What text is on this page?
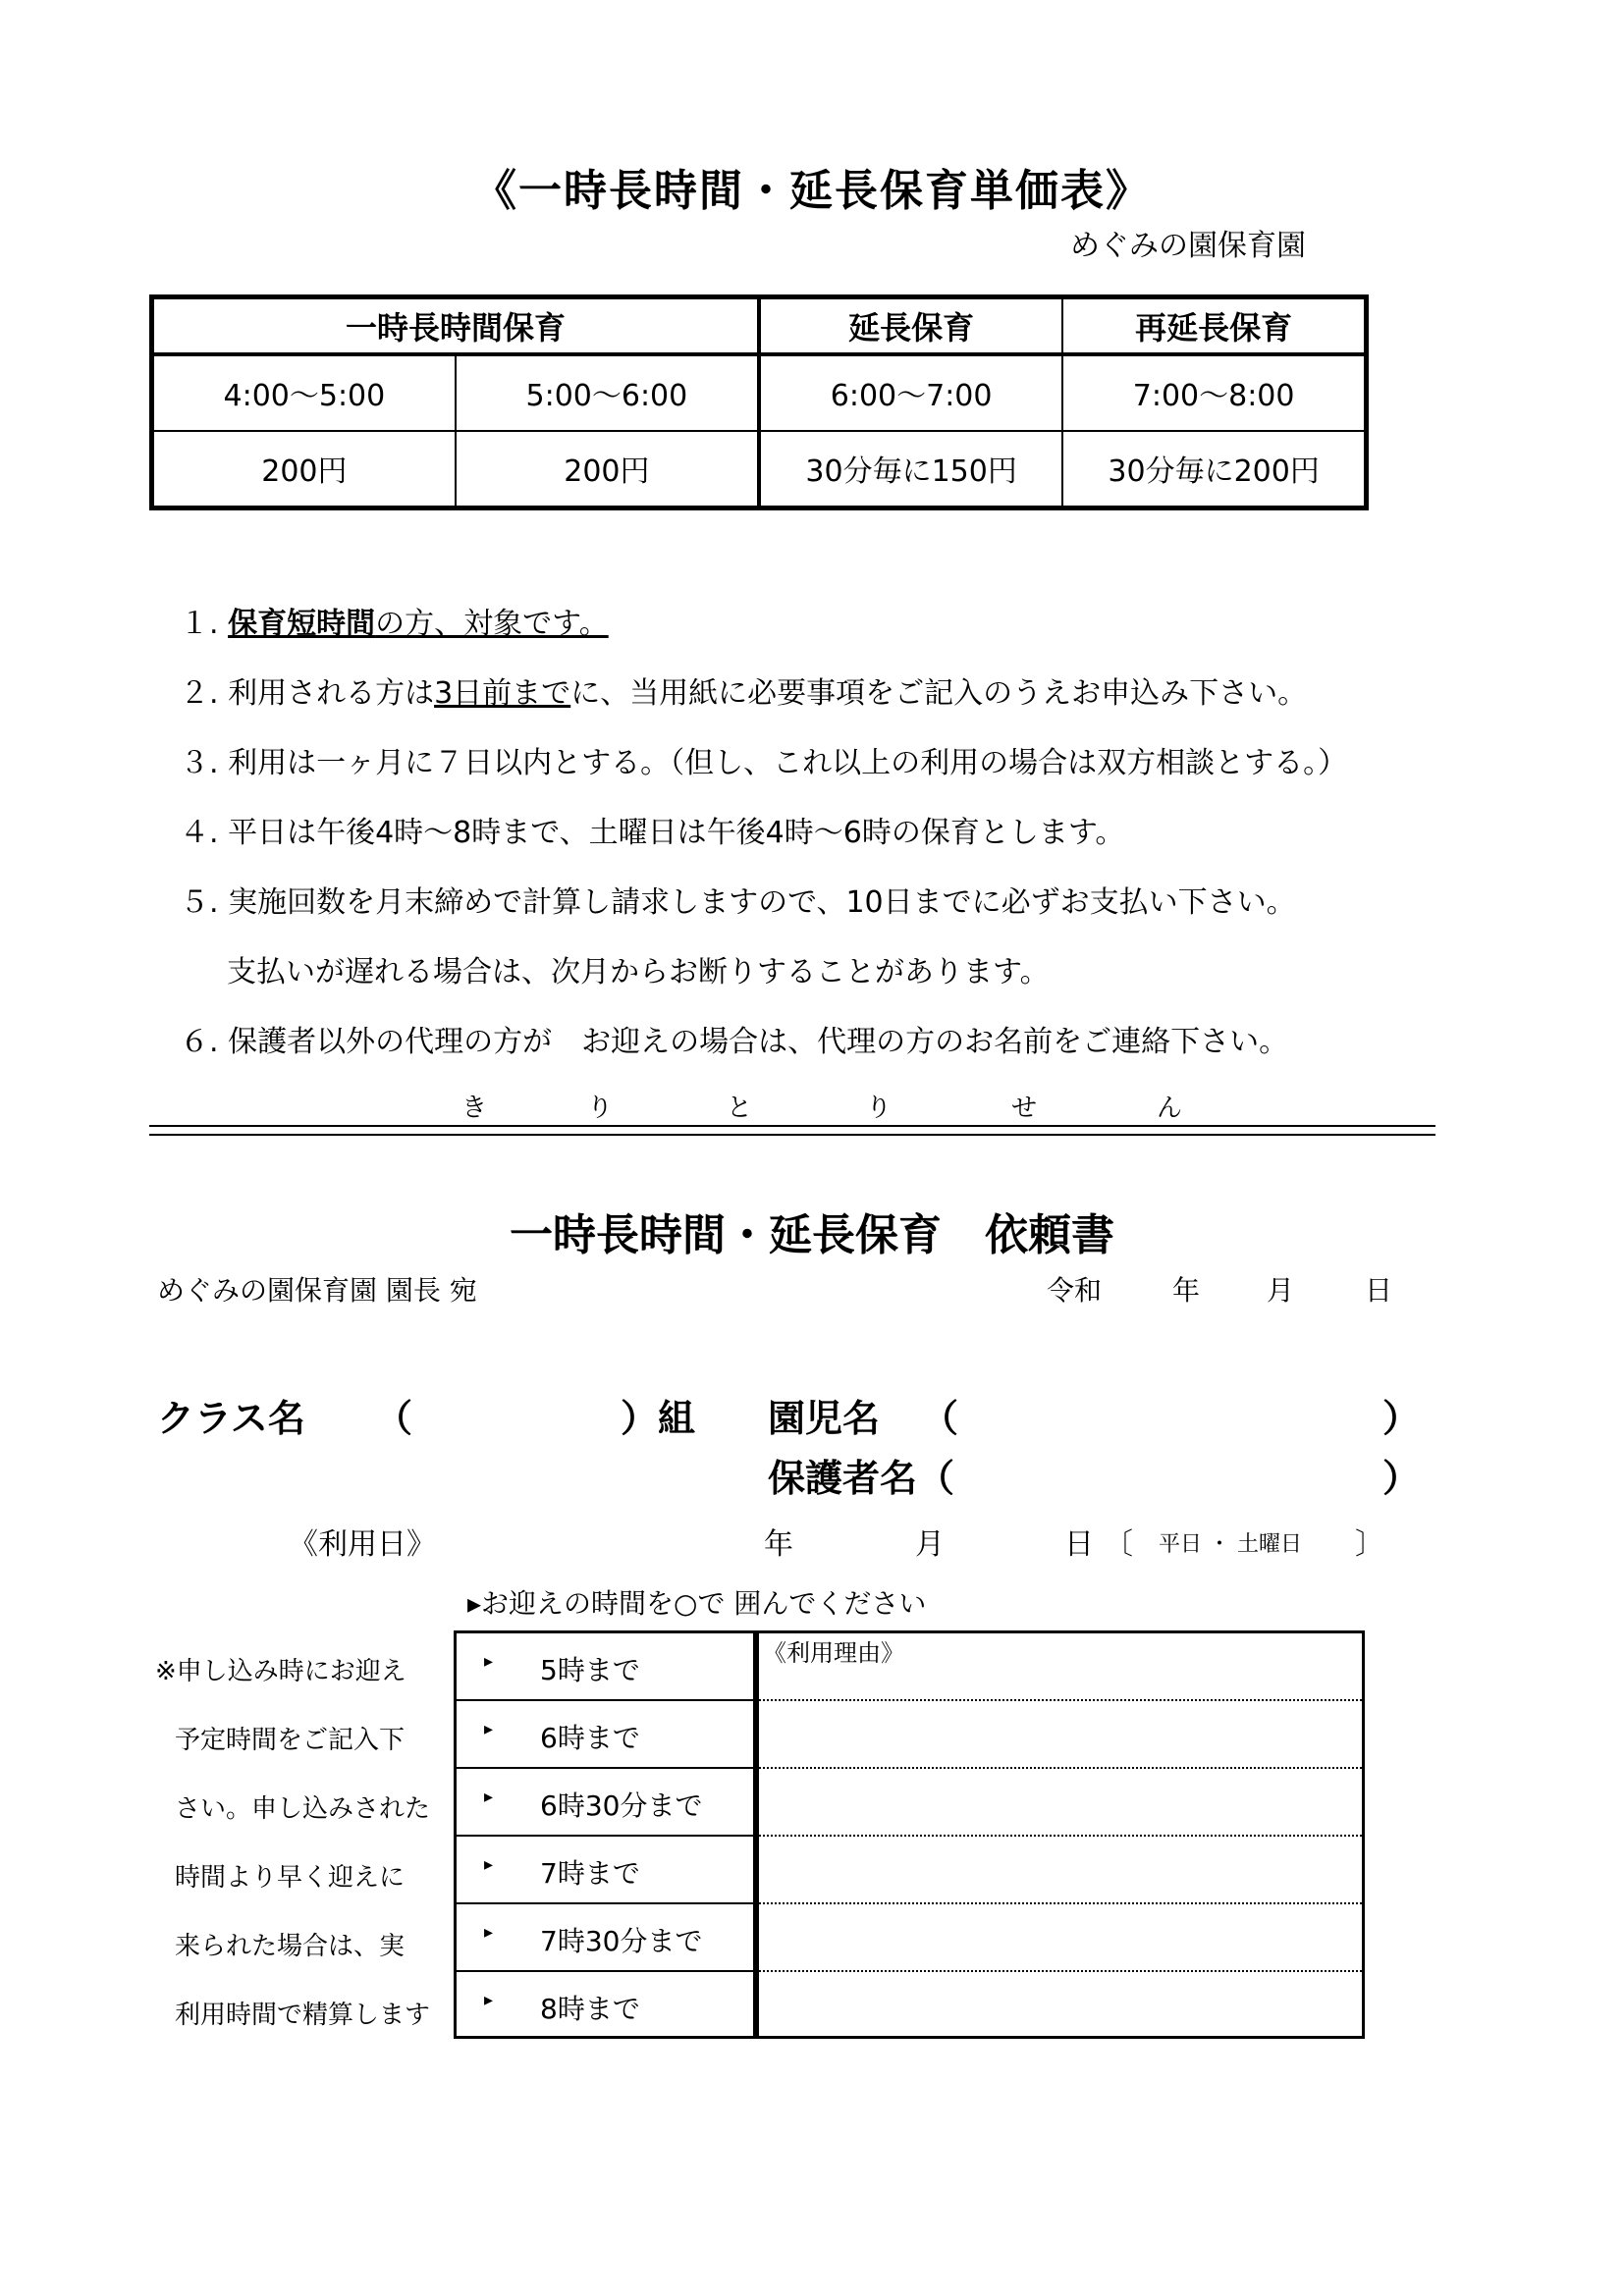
《一時長時間・延長保育単価表》
めぐみの園保育園
一時長時間保育		延長保育	再延長保育
4:00～5:00	5:00～6:00	6:00～7:00	7:00～8:00
200円	200円	30分毎に150円	30分毎に200円
１. 保育短時間の方、対象です。
２. 利用される方は3日前までに、当用紙に必要事項をご記入のうえお申込み下さい。
３. 利用は一ヶ月に７日以内とする。（但し、これ以上の利用の場合は双方相談とする。）
４. 平日は午後4時～8時まで、土曜日は午後4時～6時の保育とします。
５. 実施回数を月末締めで計算し請求しますので、10日までに必ずお支払い下さい。
支払いが遅れる場合は、次月からお断りすることがあります。
６. 保護者以外の代理の方が　お迎えの場合は、代理の方のお名前をご連絡下さい。
き	り	と	り	せ	ん
一時長時間・延長保育　依頼書
めぐみの園保育園 園長 宛	令和	年 月	日
クラス名 （	）組 園児名 （	）
保護者名（	）
《利用日》	年	月	日 〔 平日 ・ 土曜日 〕
▸お迎えの時間を○で 囲んでください
※申し込み時にお迎え
予定時間をご記入下
さい。申し込みされた
時間より早く迎えに
来られた場合は、実
利用時間で精算します
▸ 5時まで
▸ 6時まで
▸ 6時30分まで
▸ 7時まで
▸ 7時30分まで
▸ 8時まで
《利用理由》
